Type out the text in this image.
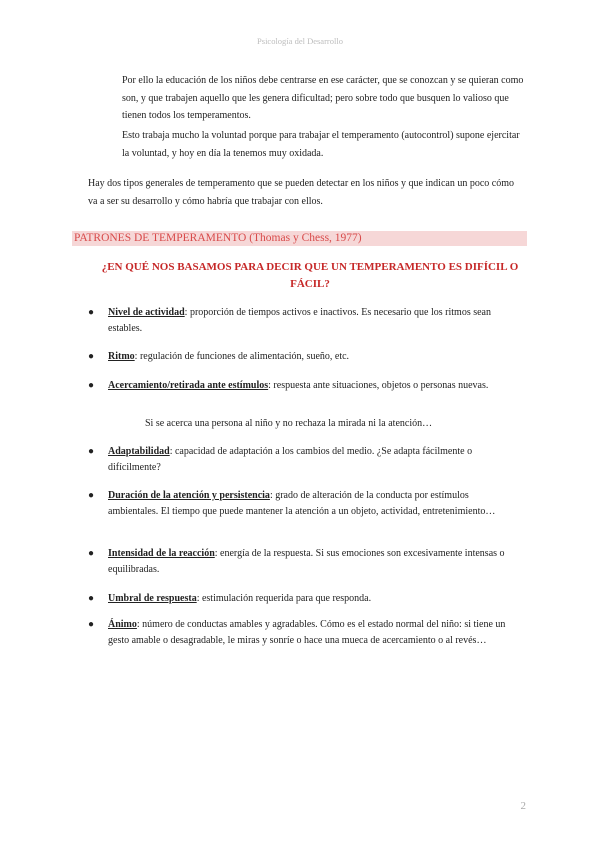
Psicología del Desarrollo

Por ello la educación de los niños debe centrarse en ese carácter, que se conozcan y se quieran como son, y que trabajen aquello que les genera dificultad; pero sobre todo que busquen lo valioso que tienen todos los temperamentos.

Esto trabaja mucho la voluntad porque para trabajar el temperamento (autocontrol) supone ejercitar la voluntad, y hoy en día la tenemos muy oxidada.

Hay dos tipos generales de temperamento que se pueden detectar en los niños y que indican un poco cómo va a ser su desarrollo y cómo habría que trabajar con ellos.

PATRONES DE TEMPERAMENTO (Thomas y Chess, 1977)
¿EN QUÉ NOS BASAMOS PARA DECIR QUE UN TEMPERAMENTO ES DIFÍCIL O FÁCIL?
●	Nivel de actividad: proporción de tiempos activos e inactivos. Es necesario que los ritmos sean estables.
●	Ritmo: regulación de funciones de alimentación, sueño, etc.
●	Acercamiento/retirada ante estímulos: respuesta ante situaciones, objetos o personas nuevas.
Si se acerca una persona al niño y no rechaza la mirada ni la atención…
●	Adaptabilidad: capacidad de adaptación a los cambios del medio. ¿Se adapta fácilmente o difícilmente?
●	Duración de la atención y persistencia: grado de alteración de la conducta por estímulos ambientales. El tiempo que puede mantener la atención a un objeto, actividad, entretenimiento…
●	Intensidad de la reacción: energía de la respuesta. Si sus emociones son excesivamente intensas o equilibradas.
●	Umbral de respuesta: estimulación requerida para que responda.
●	Ánimo: número de conductas amables y agradables. Cómo es el estado normal del niño: si tiene un gesto amable o desagradable, le miras y sonríe o hace una mueca de acercamiento o al revés…
2
